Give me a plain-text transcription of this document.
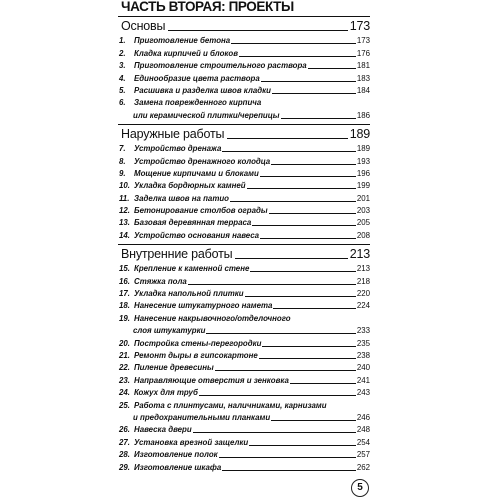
ЧАСТЬ ВТОРАЯ: ПРОЕКТЫ
Основы	173
1.	Приготовление бетона	173
2.	Кладка кирпичей и блоков	176
3.	Приготовление строительного раствора	181
4.	Единообразие цвета раствора	183
5.	Расшивка и разделка швов кладки	184
6.	Замена поврежденного кирпича
или керамической плитки/черепицы	186
Наружные работы	189
7.	Устройство дренажа	189
8.	Устройство дренажного колодца	193
9.	Мощение кирпичами и блоками	196
10. Укладка бордюрных камней	199
11. Заделка швов на патио	201
12. Бетонирование столбов ограды	203
13. Базовая деревянная терраса	205
14. Устройство основания навеса	208
Внутренние работы	213
15. Крепление к каменной стене	213
16. Стяжка пола	218
17. Укладка напольной плитки	220
18. Нанесение штукатурного намета	224
19. Нанесение накрывочного/отделочного
слоя штукатурки	233
20. Постройка стены-перегородки	235
21. Ремонт дыры в гипсокартоне	238
22. Пиление древесины	240
23. Направляющие отверстия и зенковка	241
24. Кожух для труб	243
25. Работа с плинтусами, наличниками, карнизами
и предохранительными планками	246
26. Навеска двери	248
27. Установка врезной защелки	254
28. Изготовление полок	257
29. Изготовление шкафа	262
5
